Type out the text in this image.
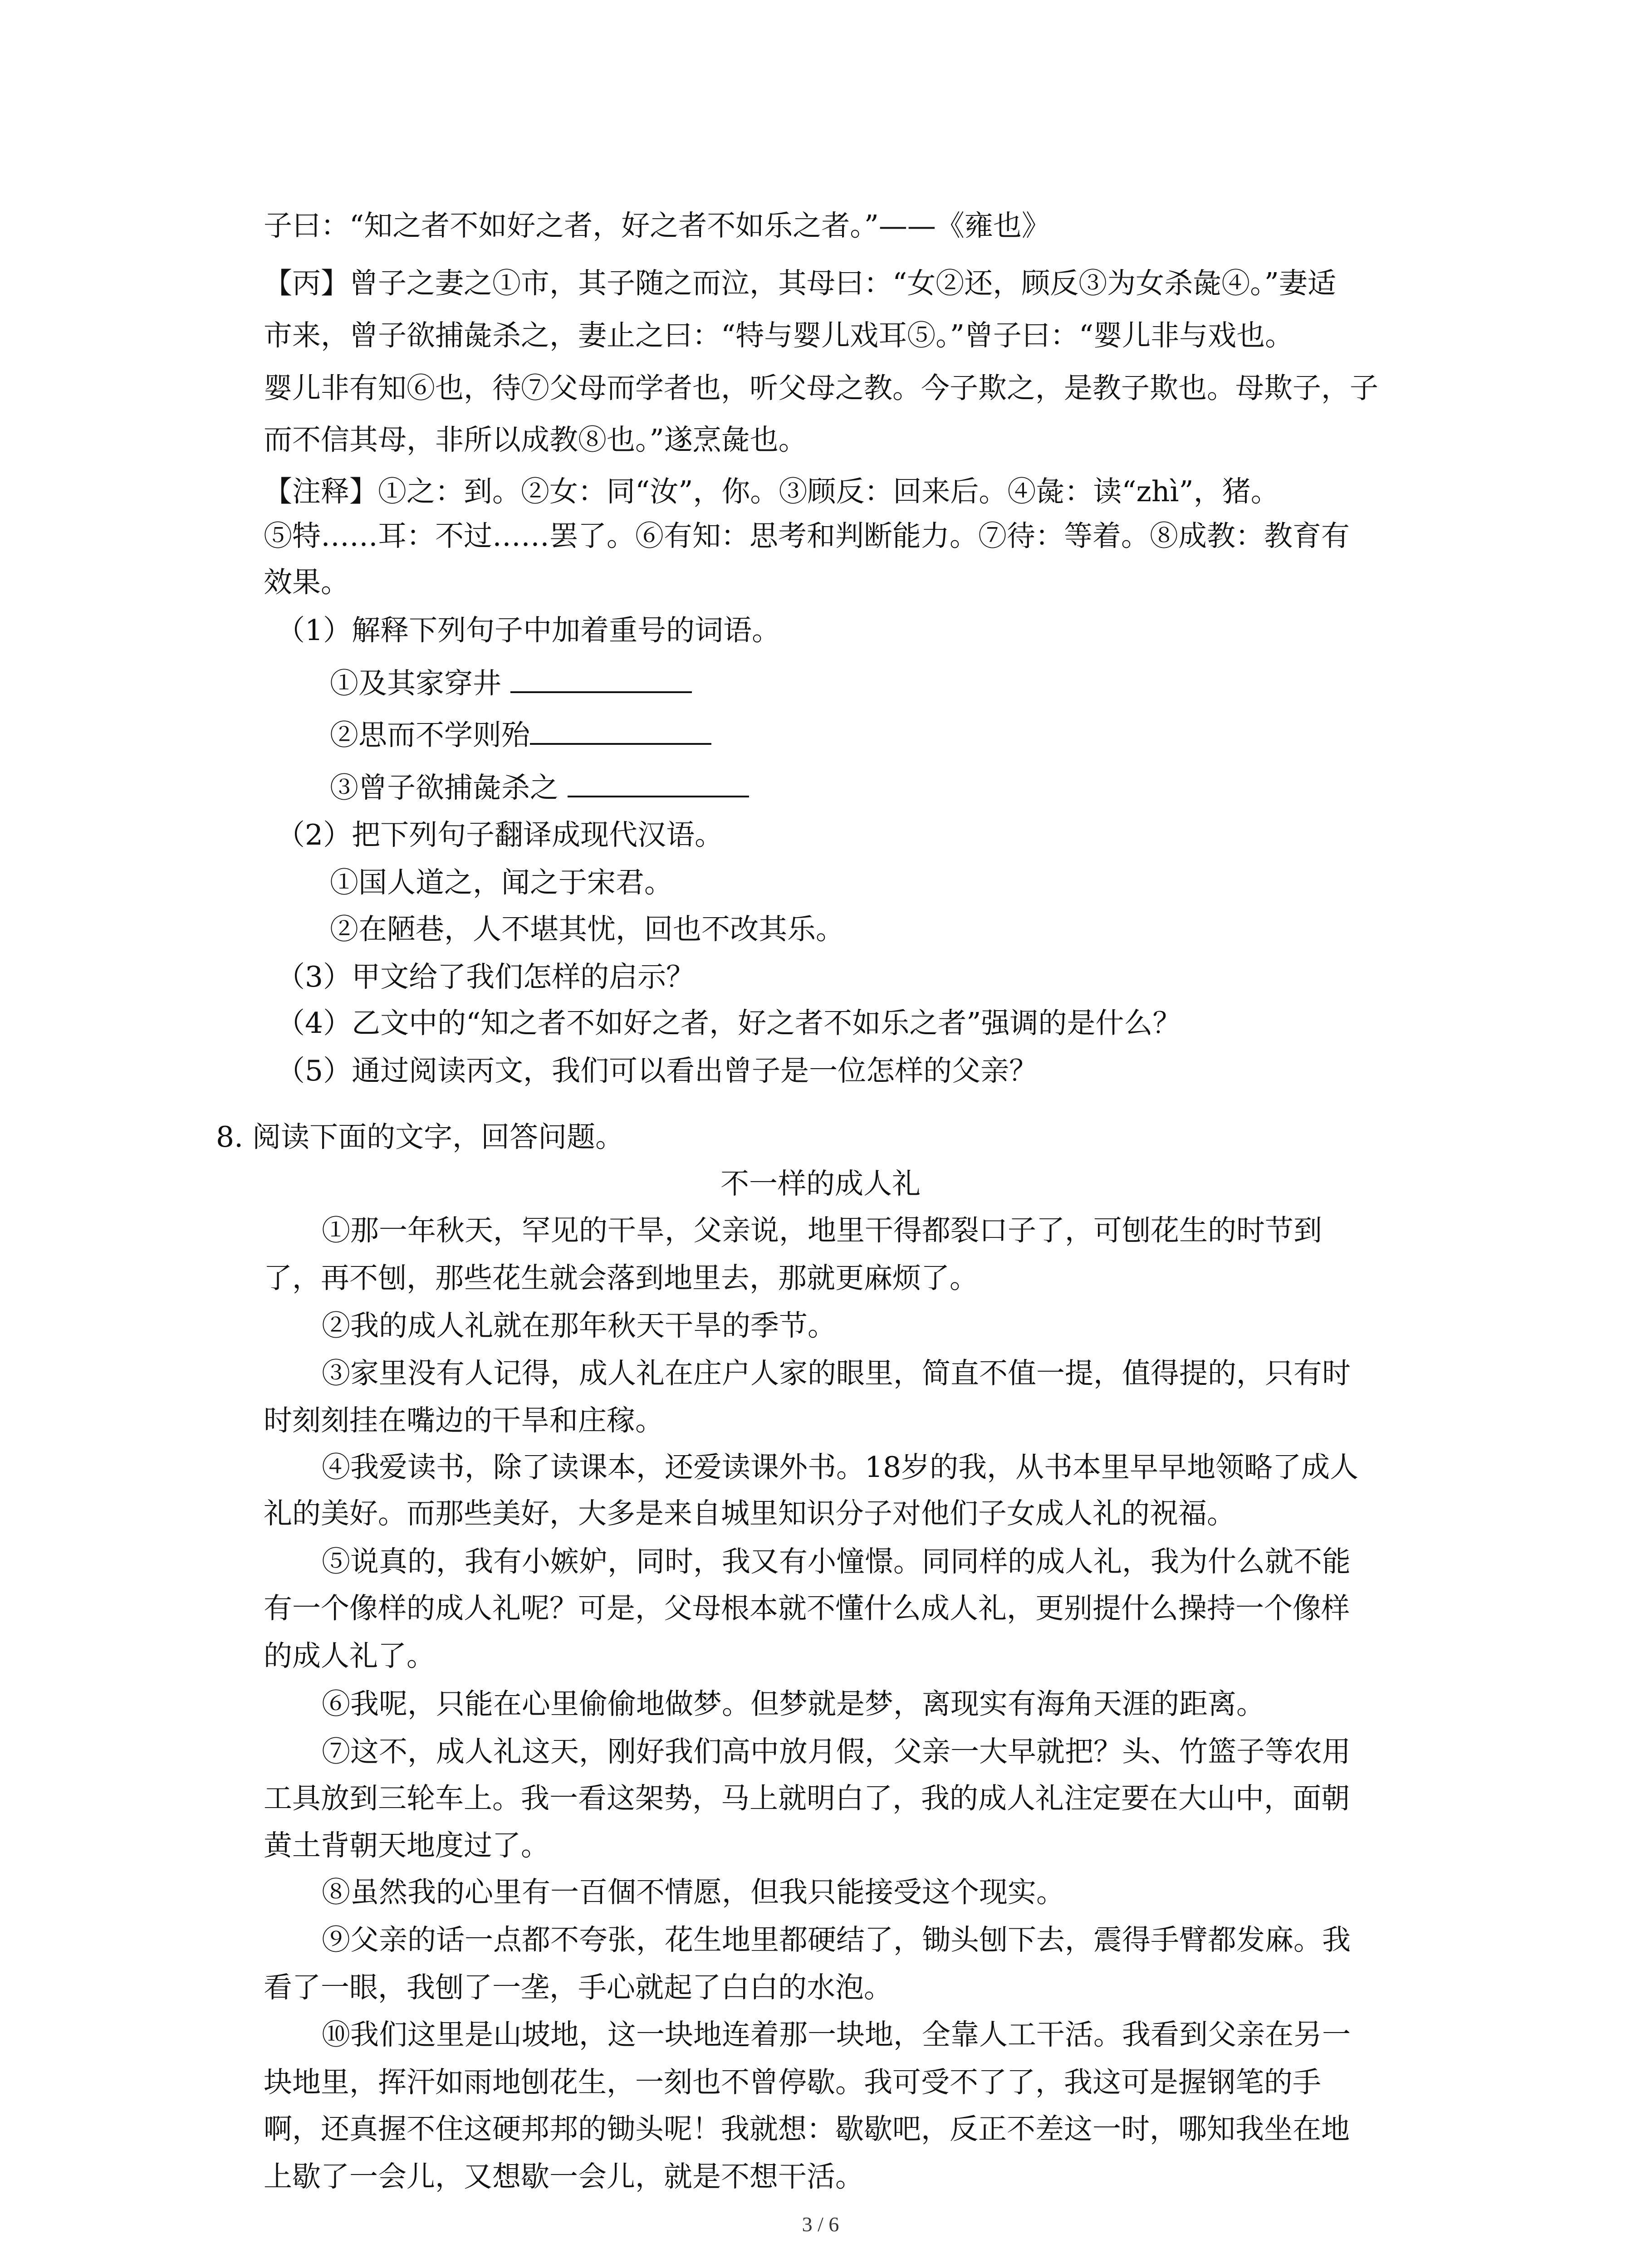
子曰：“知之者不如好之者，好之者不如乐之者。”——《雍也》
【丙】曾子之妻之①市，其子随之而泣，其母曰：“女②还，顾反③为女杀彘④。”妻适
市来，曾子欲捕彘杀之，妻止之曰：“特与婴儿戏耳⑤。”曾子曰：“婴儿非与戏也。
婴儿非有知⑥也，待⑦父母而学者也，听父母之教。今子欺之，是教子欺也。母欺子，子
而不信其母，非所以成教⑧也。”遂烹彘也。
【注释】①之：到。②女：同“汝”，你。③顾反：回来后。④彘：读“zhì”，猪。
⑤特……耳：不过……罢了。⑥有知：思考和判断能力。⑦待：等着。⑧成教：教育有
效果。
（1）解释下列句子中加着重号的词语。
①及其家穿井
②思而不学则殆
③曾子欲捕彘杀之
（2）把下列句子翻译成现代汉语。
①国人道之，闻之于宋君。
②在陋巷，人不堪其忧，回也不改其乐。
（3）甲文给了我们怎样的启示？
（4）乙文中的“知之者不如好之者，好之者不如乐之者”强调的是什么？
（5）通过阅读丙文，我们可以看出曾子是一位怎样的父亲？
8. 阅读下面的文字，回答问题。
不一样的成人礼
①那一年秋天，罕见的干旱，父亲说，地里干得都裂口子了，可刨花生的时节到
了，再不刨，那些花生就会落到地里去，那就更麻烦了。
②我的成人礼就在那年秋天干旱的季节。
③家里没有人记得，成人礼在庄户人家的眼里，简直不值一提，值得提的，只有时
时刻刻挂在嘴边的干旱和庄稼。
④我爱读书，除了读课本，还爱读课外书。18岁的我，从书本里早早地领略了成人
礼的美好。而那些美好，大多是来自城里知识分子对他们子女成人礼的祝福。
⑤说真的，我有小嫉妒，同时，我又有小憧憬。同同样的成人礼，我为什么就不能
有一个像样的成人礼呢？可是，父母根本就不懂什么成人礼，更别提什么操持一个像样
的成人礼了。
⑥我呢，只能在心里偷偷地做梦。但梦就是梦，离现实有海角天涯的距离。
⑦这不，成人礼这天，刚好我们高中放月假，父亲一大早就把？头、竹篮子等农用
工具放到三轮车上。我一看这架势，马上就明白了，我的成人礼注定要在大山中，面朝
黄土背朝天地度过了。
⑧虽然我的心里有一百個不情愿，但我只能接受这个现实。
⑨父亲的话一点都不夸张，花生地里都硬结了，锄头刨下去，震得手臂都发麻。我
看了一眼，我刨了一垄，手心就起了白白的水泡。
⑩我们这里是山坡地，这一块地连着那一块地，全靠人工干活。我看到父亲在另一
块地里，挥汗如雨地刨花生，一刻也不曾停歇。我可受不了了，我这可是握钢笔的手
啊，还真握不住这硬邦邦的锄头呢！我就想：歇歇吧，反正不差这一时，哪知我坐在地
上歇了一会儿，又想歇一会儿，就是不想干活。
3 / 6
